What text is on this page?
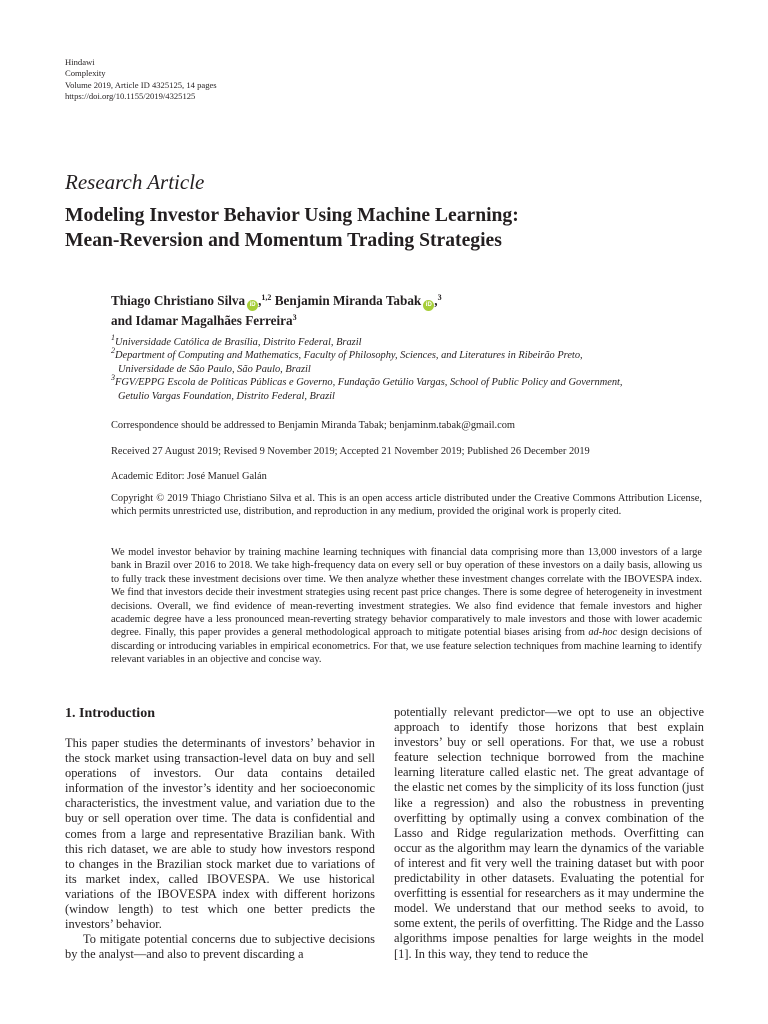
Hindawi
Complexity
Volume 2019, Article ID 4325125, 14 pages
https://doi.org/10.1155/2019/4325125
Research Article
Modeling Investor Behavior Using Machine Learning:
Mean-Reversion and Momentum Trading Strategies
Thiago Christiano Silva iD ,$^{1,2}$ Benjamin Miranda Tabak iD ,$^3$
and Idamar Magalhães Ferreira$^3$
$^1$Universidade Católica de Brasília, Distrito Federal, Brazil
$^2$Department of Computing and Mathematics, Faculty of Philosophy, Sciences, and Literatures in Ribeirão Preto,
Universidade de São Paulo, São Paulo, Brazil
$^3$FGV/EPPG Escola de Políticas Públicas e Governo, Fundação Getúlio Vargas, School of Public Policy and Government,
Getulio Vargas Foundation, Distrito Federal, Brazil
Correspondence should be addressed to Benjamin Miranda Tabak; benjaminm.tabak@gmail.com
Received 27 August 2019; Revised 9 November 2019; Accepted 21 November 2019; Published 26 December 2019
Academic Editor: José Manuel Galán

Copyright © 2019 Thiago Christiano Silva et al. This is an open access article distributed under the Creative Commons Attribution License, which permits unrestricted use, distribution, and reproduction in any medium, provided the original work is properly cited.

We model investor behavior by training machine learning techniques with financial data comprising more than 13,000 investors of a large bank in Brazil over 2016 to 2018. We take high-frequency data on every sell or buy operation of these investors on a daily basis, allowing us to fully track these investment decisions over time. We then analyze whether these investment changes correlate with the IBOVESPA index. We find that investors decide their investment strategies using recent past price changes. There is some degree of heterogeneity in investment decisions. Overall, we find evidence of mean-reverting investment strategies. We also find evidence that female investors and higher academic degree have a less pronounced mean-reverting strategy behavior comparatively to male investors and those with lower academic degree. Finally, this paper provides a general methodological approach to mitigate potential biases arising from ad-hoc design decisions of discarding or introducing variables in empirical econometrics. For that, we use feature selection techniques from machine learning to identify relevant variables in an objective and concise way.

1. Introduction

This paper studies the determinants of investors’ behavior in the stock market using transaction-level data on buy and sell operations of investors. Our data contains detailed information of the investor’s identity and her socioeconomic characteristics, the investment value, and variation due to the buy or sell operation over time. The data is confidential and comes from a large and representative Brazilian bank. With this rich dataset, we are able to study how investors respond to changes in the Brazilian stock market due to variations of its market index, called IBOVESPA. We use historical variations of the IBOVESPA index with different horizons (window length) to test which one better predicts the investors’ behavior.

To mitigate potential concerns due to subjective decisions by the analyst—and also to prevent discarding a

potentially relevant predictor—we opt to use an objective approach to identify those horizons that best explain investors’ buy or sell operations. For that, we use a robust feature selection technique borrowed from the machine learning literature called elastic net. The great advantage of the elastic net comes by the simplicity of its loss function (just like a regression) and also the robustness in preventing overfitting by optimally using a convex combination of the Lasso and Ridge regularization methods. Overfitting can occur as the algorithm may learn the dynamics of the variable of interest and fit very well the training dataset but with poor predictability in other datasets. Evaluating the potential for overfitting is essential for researchers as it may undermine the model. We understand that our method seeks to avoid, to some extent, the perils of overfitting. The Ridge and the Lasso algorithms impose penalties for large weights in the model [1]. In this way, they tend to reduce the
